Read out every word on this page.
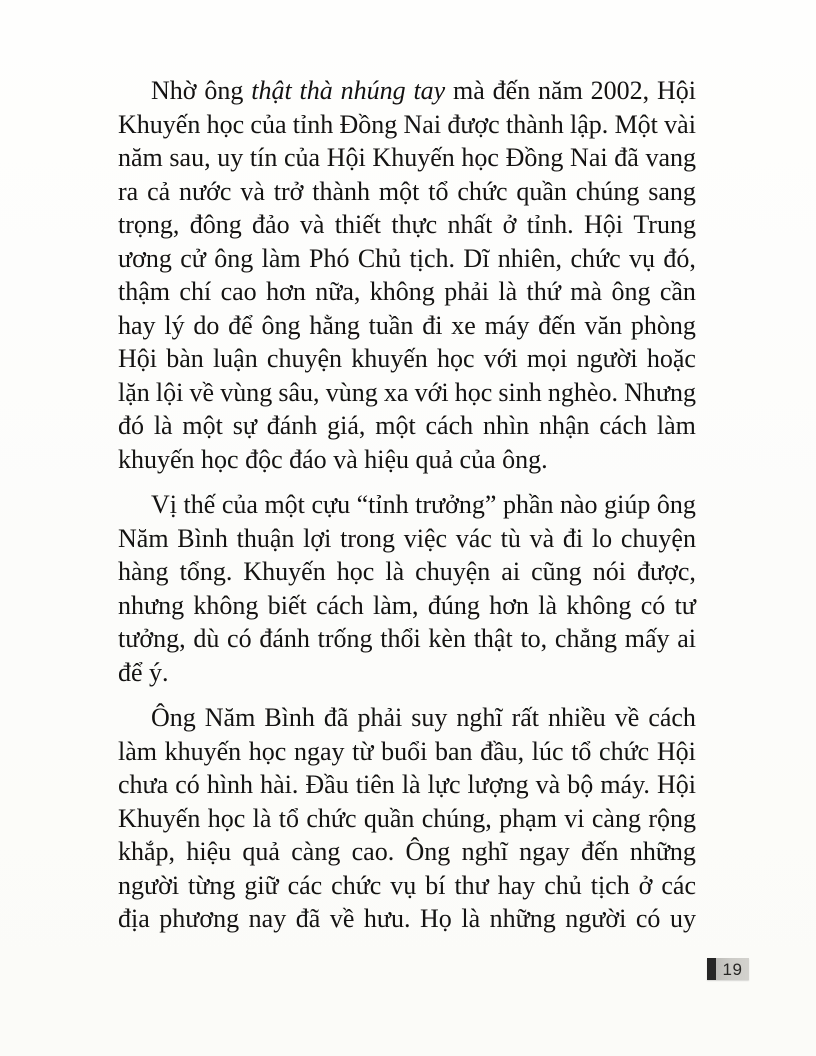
Nhờ ông thật thà nhúng tay mà đến năm 2002, Hội
Khuyến học của tỉnh Đồng Nai được thành lập. Một vài
năm sau, uy tín của Hội Khuyến học Đồng Nai đã vang
ra cả nước và trở thành một tổ chức quần chúng sang
trọng, đông đảo và thiết thực nhất ở tỉnh. Hội Trung
ương cử ông làm Phó Chủ tịch. Dĩ nhiên, chức vụ đó,
thậm chí cao hơn nữa, không phải là thứ mà ông cần
hay lý do để ông hằng tuần đi xe máy đến văn phòng
Hội bàn luận chuyện khuyến học với mọi người hoặc
lặn lội về vùng sâu, vùng xa với học sinh nghèo. Nhưng
đó là một sự đánh giá, một cách nhìn nhận cách làm
khuyến học độc đáo và hiệu quả của ông.
Vị thế của một cựu “tỉnh trưởng” phần nào giúp ông
Năm Bình thuận lợi trong việc vác tù và đi lo chuyện
hàng tổng. Khuyến học là chuyện ai cũng nói được,
nhưng không biết cách làm, đúng hơn là không có tư
tưởng, dù có đánh trống thổi kèn thật to, chẳng mấy ai
để ý.
Ông Năm Bình đã phải suy nghĩ rất nhiều về cách
làm khuyến học ngay từ buổi ban đầu, lúc tổ chức Hội
chưa có hình hài. Đầu tiên là lực lượng và bộ máy. Hội
Khuyến học là tổ chức quần chúng, phạm vi càng rộng
khắp, hiệu quả càng cao. Ông nghĩ ngay đến những
người từng giữ các chức vụ bí thư hay chủ tịch ở các
địa phương nay đã về hưu. Họ là những người có uy
19
